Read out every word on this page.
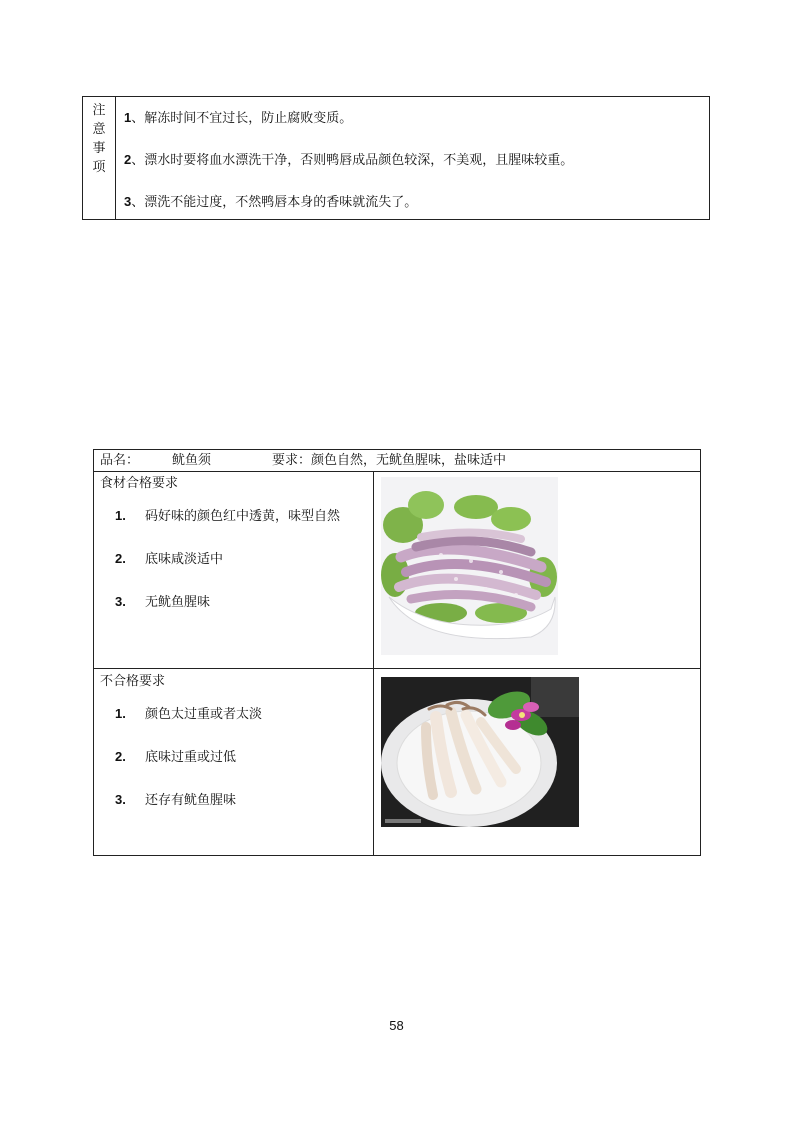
注
意
事
项

1、解冻时间不宜过长，防止腐败变质。

2、漂水时要将血水漂洗干净，否则鸭唇成品颜色较深，不美观，且腥味较重。

3、漂洗不能过度，不然鸭唇本身的香味就流失了。

品名：	鱿鱼须	要求：颜色自然，无鱿鱼腥味，盐味适中
食材合格要求
1. 码好味的颜色红中透黄，味型自然
2. 底味咸淡适中
3. 无鱿鱼腥味
不合格要求
1. 颜色太过重或者太淡
2. 底味过重或过低
3. 还存有鱿鱼腥味
58
